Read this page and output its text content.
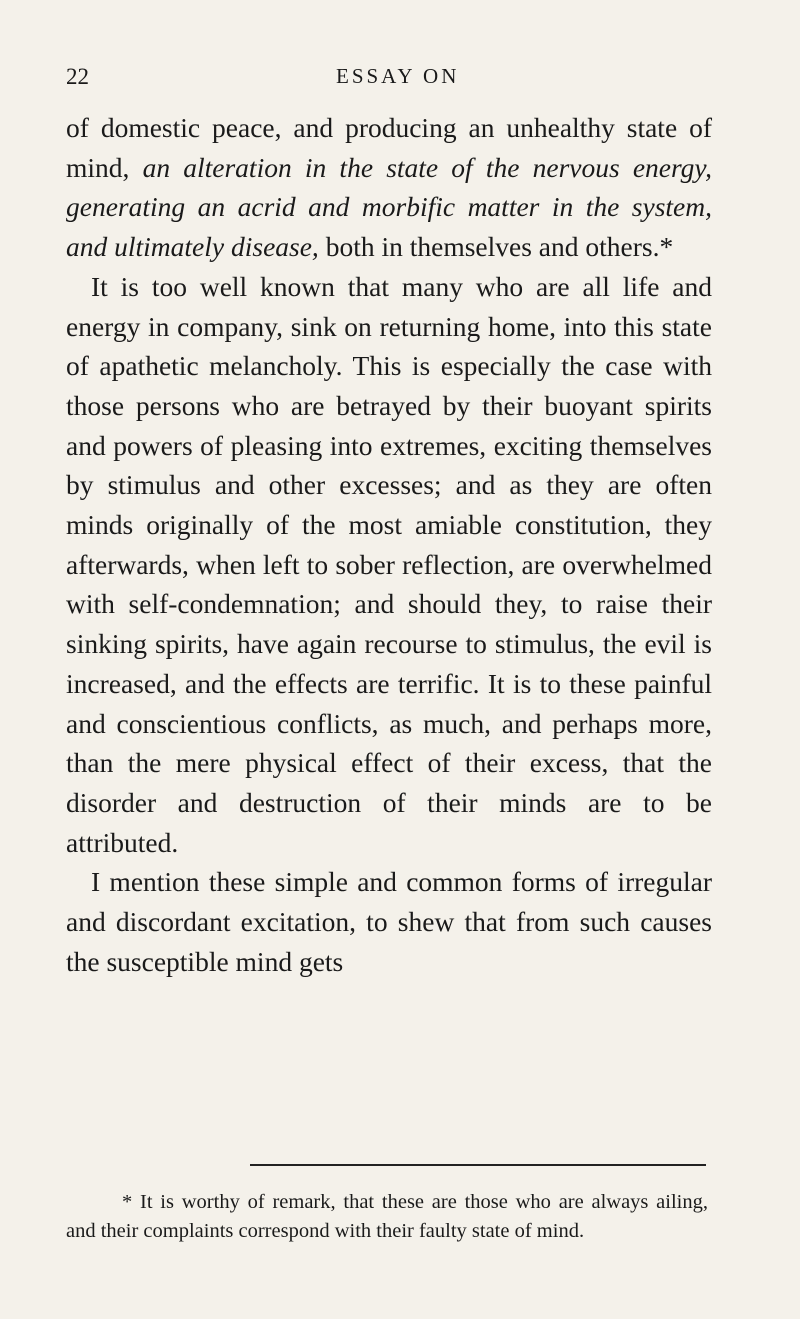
22	ESSAY ON

of domestic peace, and producing an unhealthy state of mind, an alteration in the state of the nervous energy, generating an acrid and morbific matter in the system, and ultimately disease, both in themselves and others.*

It is too well known that many who are all life and energy in company, sink on returning home, into this state of apathetic melancholy. This is especially the case with those persons who are betrayed by their buoyant spirits and powers of pleasing into extremes, exciting themselves by stimulus and other excesses; and as they are often minds originally of the most amiable constitution, they afterwards, when left to sober reflection, are overwhelmed with self-condemnation; and should they, to raise their sinking spirits, have again recourse to stimulus, the evil is increased, and the effects are terrific. It is to these painful and conscientious conflicts, as much, and perhaps more, than the mere physical effect of their excess, that the disorder and destruction of their minds are to be attributed.

I mention these simple and common forms of irregular and discordant excitation, to shew that from such causes the susceptible mind gets

* It is worthy of remark, that these are those who are always ailing, and their complaints correspond with their faulty state of mind.
